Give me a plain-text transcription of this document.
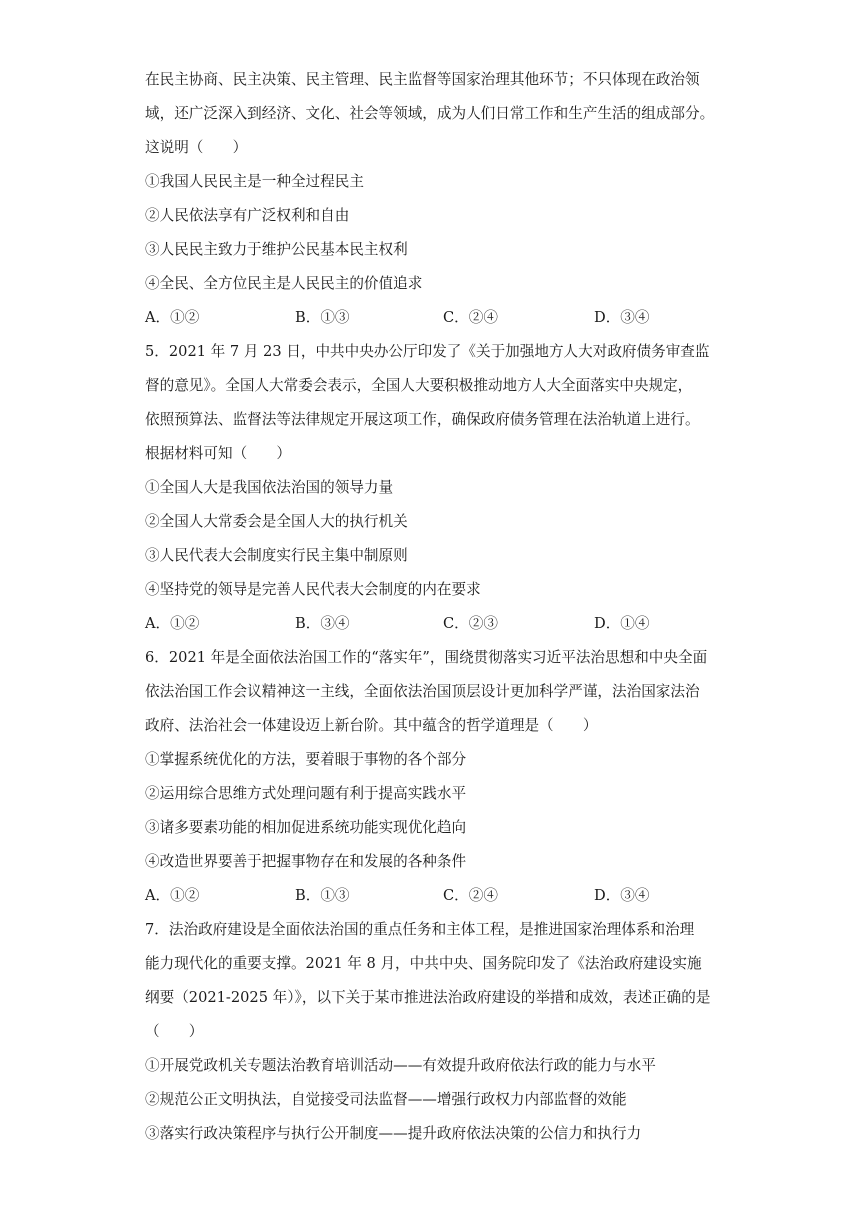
在民主协商、民主决策、民主管理、民主监督等国家治理其他环节；不只体现在政治领
域，还广泛深入到经济、文化、社会等领域，成为人们日常工作和生产生活的组成部分。
这说明（　　）
①我国人民民主是一种全过程民主
②人民依法享有广泛权利和自由
③人民民主致力于维护公民基本民主权利
④全民、全方位民主是人民民主的价值追求
A．①②	B．①③	C．②④	D．③④
5．2021 年 7 月 23 日，中共中央办公厅印发了《关于加强地方人大对政府债务审查监
督的意见》。全国人大常委会表示，全国人大要积极推动地方人大全面落实中央规定，
依照预算法、监督法等法律规定开展这项工作，确保政府债务管理在法治轨道上进行。
根据材料可知（　　）
①全国人大是我国依法治国的领导力量
②全国人大常委会是全国人大的执行机关
③人民代表大会制度实行民主集中制原则
④坚持党的领导是完善人民代表大会制度的内在要求
A．①②	B．③④	C．②③	D．①④
6．2021 年是全面依法治国工作的“落实年”，围绕贯彻落实习近平法治思想和中央全面
依法治国工作会议精神这一主线，全面依法治国顶层设计更加科学严谨，法治国家法治
政府、法治社会一体建设迈上新台阶。其中蕴含的哲学道理是（　　）
①掌握系统优化的方法，要着眼于事物的各个部分
②运用综合思维方式处理问题有利于提高实践水平
③诸多要素功能的相加促进系统功能实现优化趋向
④改造世界要善于把握事物存在和发展的各种条件
A．①②	B．①③	C．②④	D．③④
7．法治政府建设是全面依法治国的重点任务和主体工程，是推进国家治理体系和治理
能力现代化的重要支撑。2021 年 8 月，中共中央、国务院印发了《法治政府建设实施
纲要（2021-2025 年）》，以下关于某市推进法治政府建设的举措和成效，表述正确的是
（　　）
①开展党政机关专题法治教育培训活动——有效提升政府依法行政的能力与水平
②规范公正文明执法，自觉接受司法监督——增强行政权力内部监督的效能
③落实行政决策程序与执行公开制度——提升政府依法决策的公信力和执行力
